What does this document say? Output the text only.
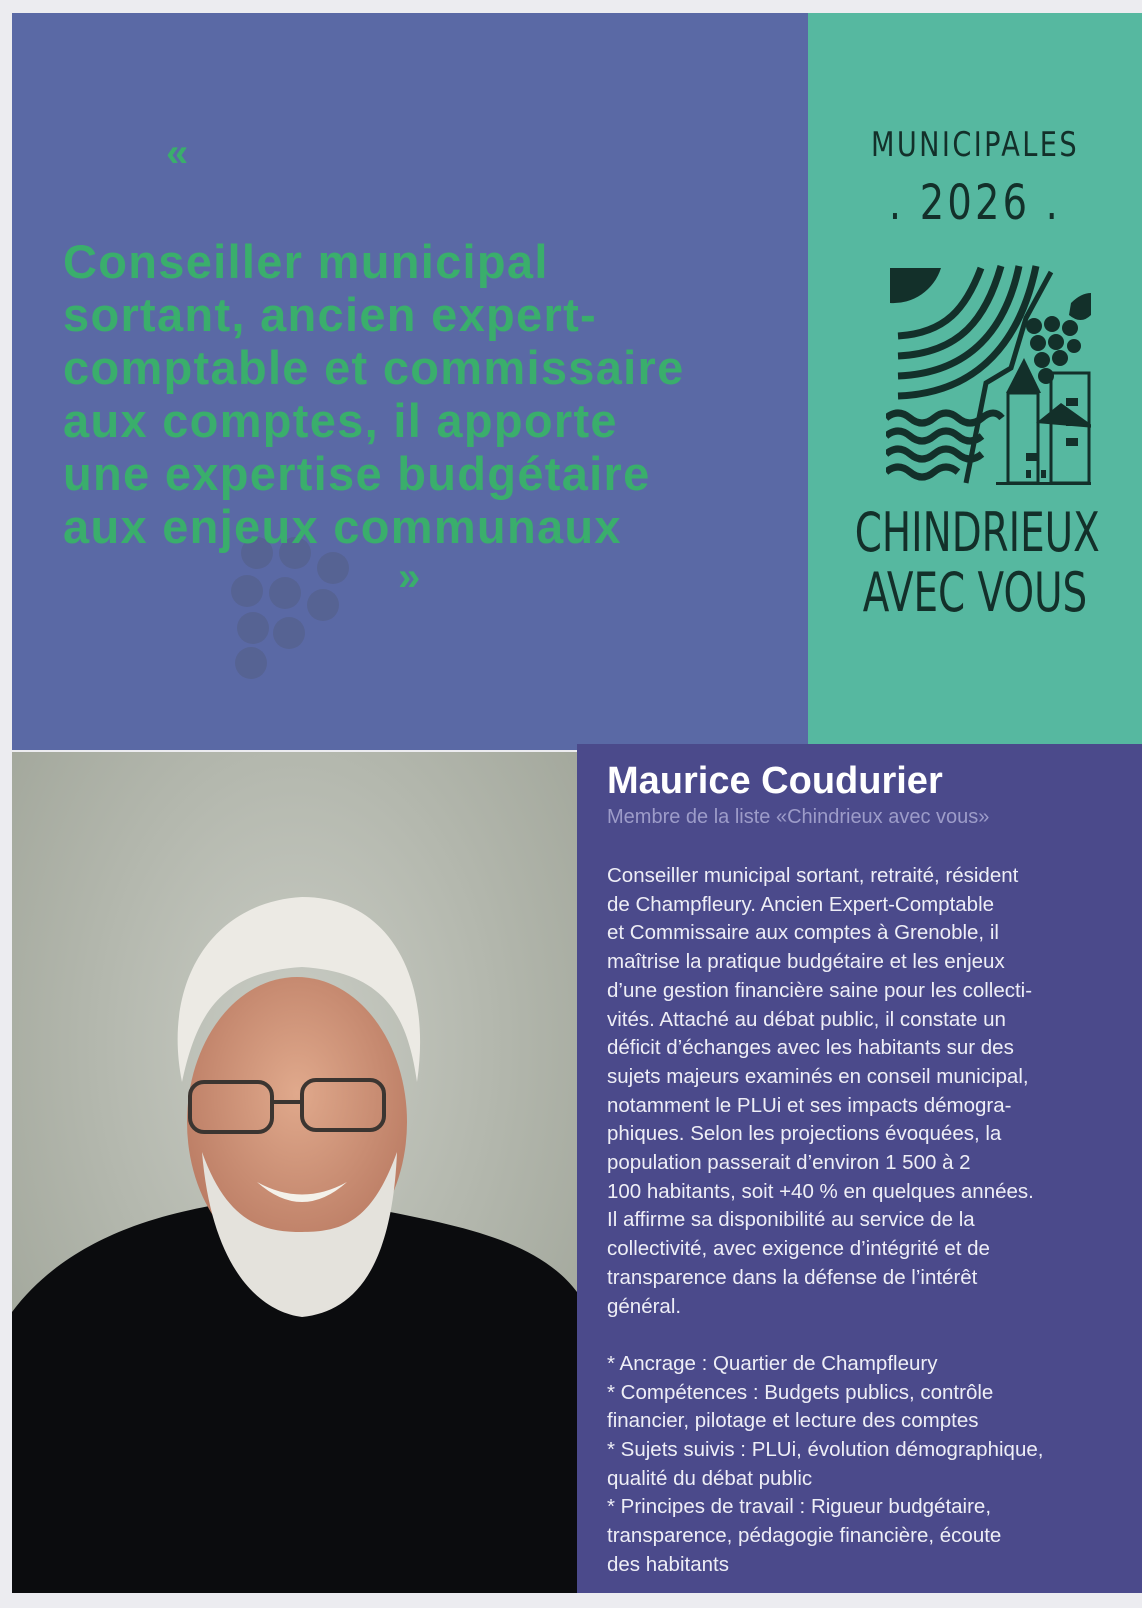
«
Conseiller municipal
sortant, ancien expert-
comptable et commissaire
aux comptes, il apporte
une expertise budgétaire
aux enjeux communaux
»
MUNICIPALES
. 2026 .
CHINDRIEUX
AVEC VOUS
Maurice Coudurier
Membre de la liste «Chindrieux avec vous»
Conseiller municipal sortant, retraité, résident
de Champfleury. Ancien Expert-Comptable
et Commissaire aux comptes à Grenoble, il
maîtrise la pratique budgétaire et les enjeux
d’une gestion financière saine pour les collecti-
vités. Attaché au débat public, il constate un
déficit d’échanges avec les habitants sur des
sujets majeurs examinés en conseil municipal,
notamment le PLUi et ses impacts démogra-
phiques. Selon les projections évoquées, la
population passerait d’environ 1 500 à 2
100 habitants, soit +40 % en quelques années.
Il affirme sa disponibilité au service de la
collectivité, avec exigence d’intégrité et de
transparence dans la défense de l’intérêt
général.
* Ancrage : Quartier de Champfleury
* Compétences : Budgets publics, contrôle
financier, pilotage et lecture des comptes
* Sujets suivis : PLUi, évolution démographique,
qualité du débat public
* Principes de travail : Rigueur budgétaire,
transparence, pédagogie financière, écoute
des habitants
